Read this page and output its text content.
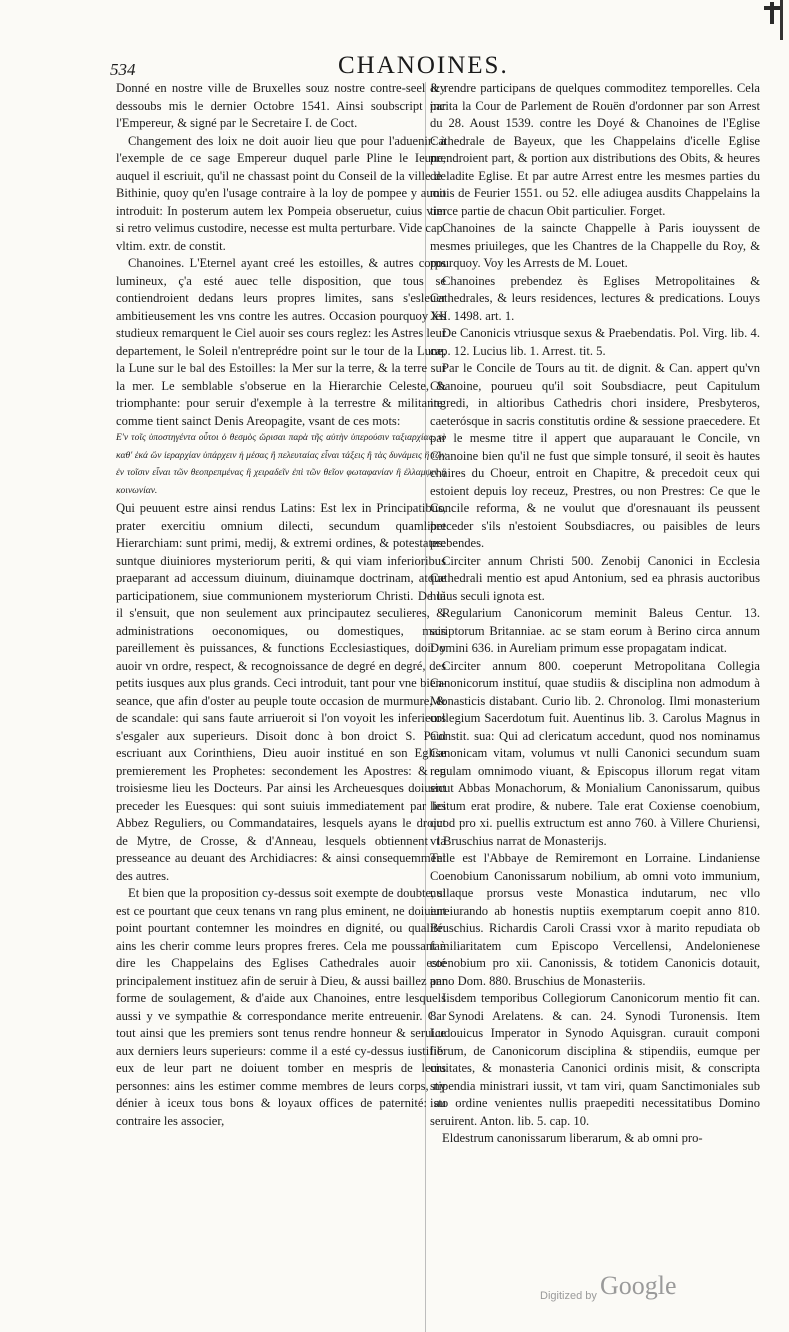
534	CHANOINES.

Donné en nostre ville de Bruxelles souz nostre contre-seel icy dessoubs mis le dernier Octobre 1541. Ainsi soubscript par l'Empereur, & signé par le Secretaire I. de Coct.

Changement des loix ne doit auoir lieu que pour l'aduenir: à l'exemple de ce sage Empereur duquel parle Pline le Ieune, auquel il escriuit, qu'il ne chassast point du Conseil de la ville de Bithinie, quoy qu'en l'usage contraire à la loy de pompee y auoit introduit: In posterum autem lex Pompeia obseruetur, cuius vim si retro velimus custodire, necesse est multa perturbare. Vide cap. vltim. extr. de constit.

Chanoines. L'Eternel ayant creé les estoilles, & autres corps lumineux, ç'a esté auec telle disposition, que tous se contiendroient dedans leurs propres limites, sans s'esleuer ambitieusement les vns contre les autres. Occasion pourquoy les studieux remarquent le Ciel auoir ses cours reglez: les Astres leur departement, le Soleil n'entreprédre point sur le tour de la Lune, la Lune sur le bal des Estoilles: la Mer sur la terre, & la terre sur la mer. Le semblable s'obserue en la Hierarchie Celeste, & triomphante: pour seruir d'exemple à la terrestre & militante: comme tient sainct Denis Areopagite, vsant de ces mots:

Ε'ν τοῖς ὑποστηγέντα οὗτοι ὁ θεσμὸς ὥρισαι παρὰ τῆς αὐτὴν ὑπερούσιν ταξιαρχίας. τὸ καθ' ἑκά ὥν ἱεραρχίαν ὑπάρχειν ἡ μέσας ἢ πελευταίας εἶναι τάξεις ἢ τὰς δυνάμεις ἢ τῶν ἐν τοῖσιν εἶναι τῶν θεοπρεπμένας ἢ χειραδεῖν ἐπὶ τῶν θεῖον φωταφανίαν ἢ ἐλλαμψιν ἢ κοινωνίαν.

Qui peuuent estre ainsi rendus Latins: Est lex in Principatibus, prater exercitiu omnium dilecti, secundum quamlibet Hierarchiam: sunt primi, medij, & extremi ordines, & potestates: suntque diuiniores mysteriorum periti, & qui viam inferioribus praeparant ad accessum diuinum, diuinamque doctrinam, atque participationem, siue communionem mysteriorum Christi. De là il s'ensuit, que non seulement aux principautez seculieres, & administrations oeconomiques, ou domestiques, mais pareillement ès puissances, & functions Ecclesiastiques, doit y auoir vn ordre, respect, & recognoissance de degré en degré, des petits iusques aux plus grands. Ceci introduit, tant pour vne bien-seance, que afin d'oster au peuple toute occasion de murmure, & de scandale: qui sans faute arriueroit si l'on voyoit les inferieurs s'esgaler aux superieurs. Disoit donc à bon droict S. Paul escriuant aux Corinthiens, Dieu auoir institué en son Eglise premierement les Prophetes: secondement les Apostres: & en troisiesme lieu les Docteurs. Par ainsi les Archeuesques doiuent preceder les Euesques: qui sont suiuis immediatement par les Abbez Reguliers, ou Commandataires, lesquels ayans le droict de Mytre, de Crosse, & d'Anneau, lesquels obtiennent la presseance au deuant des Archidiacres: & ainsi consequemment des autres.

Et bien que la proposition cy-dessus soit exempte de doubte, si est ce pourtant que ceux tenans vn rang plus eminent, ne doiuent point pourtant contemner les moindres en dignité, ou qualité: ains les cherir comme leurs propres freres. Cela me poussant à dire les Chappelains des Eglises Cathedrales auoir esté principalement instituez afin de seruir à Dieu, & aussi baillez par forme de soulagement, & d'aide aux Chanoines, entre lesquels aussi y ve sympathie & correspondance merite entreuenir. Car tout ainsi que les premiers sont tenus rendre honneur & seruice aux derniers leurs superieurs: comme il a esté cy-dessus iustifié: eux de leur part ne doiuent tomber en mespris de leurs personnes: ains les estimer comme membres de leurs corps, ny dénier à iceux tous bons & loyaux offices de paternité: au contraire les associer,

& rendre participans de quelques commoditez temporelles. Cela incita la Cour de Parlement de Rouën d'ordonner par son Arrest du 28. Aoust 1539. contre les Doyé & Chanoines de l'Eglise Cathedrale de Bayeux, que les Chappelains d'icelle Eglise prendroient part, & portion aux distributions des Obits, & heures de ladite Eglise. Et par autre Arrest entre les mesmes parties du mois de Feurier 1551. ou 52. elle adiugea ausdits Chappelains la tierce partie de chacun Obit particulier. Forget.

Chanoines de la saincte Chappelle à Paris iouyssent de mesmes priuileges, que les Chantres de la Chappelle du Roy, & pourquoy. Voy les Arrests de M. Louet.

Chanoines prebendez ès Eglises Metropolitaines & Cathedrales, & leurs residences, lectures & predications. Louys XII. 1498. art. 1.

De Canonicis vtriusque sexus & Praebendatis. Pol. Virg. lib. 4. cap. 12. Lucius lib. 1. Arrest. tit. 5.

Par le Concile de Tours au tit. de dignit. & Can. appert qu'vn Chanoine, pourueu qu'il soit Soubsdiacre, peut Capitulum ingredi, in altioribus Cathedris chori insidere, Presbyteros, caeterósque in sacris constitutis ordine & sessione praecedere. Et par le mesme titre il appert que auparauant le Concile, vn Chanoine bien qu'il ne fust que simple tonsuré, il seoit ès hautes chaires du Choeur, entroit en Chapitre, & precedoit ceux qui estoient depuis loy receuz, Prestres, ou non Prestres: Ce que le Concile reforma, & ne voulut que d'oresnauant ils peussent preceder s'ils n'estoient Soubsdiacres, ou paisibles de leurs prebendes.

Circiter annum Christi 500. Zenobij Canonici in Ecclesia Cathedrali mentio est apud Antonium, sed ea phrasis auctoribus huius seculi ignota est.

Regularium Canonicorum meminit Baleus Centur. 13. scriptorum Britanniae. ac se stam eorum à Berino circa annum Domini 636. in Aureliam primum esse propagatam indicat.

Circiter annum 800. coeperunt Metropolitana Collegia Canonicorum instituí, quae studiis & disciplina non admodum à Monasticis distabant. Curio lib. 2. Chronolog. Ilmi monasterium collegium Sacerdotum fuit. Auentinus lib. 3. Carolus Magnus in Constit. sua: Qui ad clericatum accedunt, quod nos nominamus Canonicam vitam, volumus vt nulli Canonici secundum suam regulam omnimodo viuant, & Episcopus illorum regat vitam sicut Abbas Monachorum, & Monialium Canonissarum, quibus licitum erat prodire, & nubere. Tale erat Coxiense coenobium, quod pro xi. puellis extructum est anno 760. à Villere Churiensi, vt Bruschius narrat de Monasterijs.

Telle est l'Abbaye de Remiremont en Lorraine. Lindaniense Coenobium Canonissarum nobilium, ab omni voto immunium, nullaque prorsus veste Monastica indutarum, nec vllo iureiurando ab honestis nuptiis exemptarum coepit anno 810. Bruschius. Richardis Caroli Crassi vxor à marito repudiata ob familiaritatem cum Episcopo Vercellensi, Andelonienese coenobium pro xii. Canonissis, & totidem Canonicis dotauit, anno Dom. 880. Bruschius de Monasteriis.

Iisdem temporibus Collegiorum Canonicorum mentio fit can. 8. Synodi Arelatens. & can. 24. Synodi Turonensis. Item Ludouicus Imperator in Synodo Aquisgran. curauit componi librum, de Canonicorum disciplina & stipendiis, eumque per ciuitates, & monasteria Canonici ordinis misit, & conscripta stipendia ministrari iussit, vt tam viri, quam Sanctimoniales sub isto ordine venientes nullis praepediti necessitatibus Domino seruirent. Anton. lib. 5. cap. 10.

Eldestrum canonissarum liberarum, & ab omni pro-

Digitized by Google
